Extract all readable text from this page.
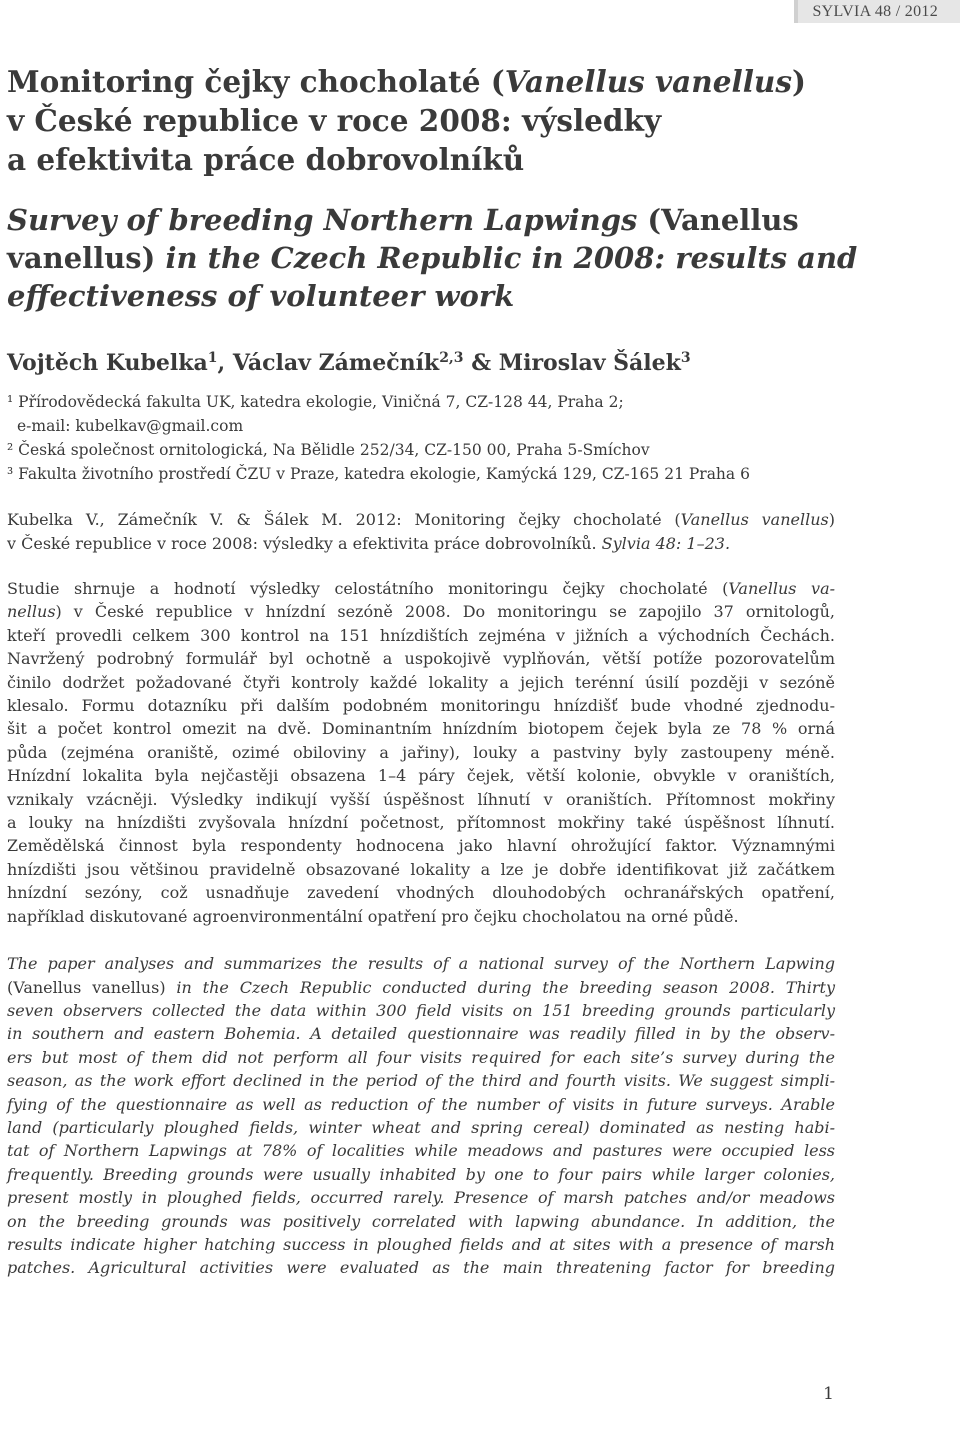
SYLVIA 48 / 2012
Monitoring čejky chocholaté (Vanellus vanellus)
v České republice v roce 2008: výsledky
a efektivita práce dobrovolníků
Survey of breeding Northern Lapwings (Vanellus
vanellus) in the Czech Republic in 2008: results and
effectiveness of volunteer work
Vojtěch Kubelka$^1$, Václav Zámečník$^{2,3}$ & Miroslav Šálek$^3$
¹ Přírodovědecká fakulta UK, katedra ekologie, Viničná 7, CZ-128 44, Praha 2;
e-mail: kubelkav@gmail.com
² Česká společnost ornitologická, Na Bělidle 252/34, CZ-150 00, Praha 5-Smíchov
³ Fakulta životního prostředí ČZU v Praze, katedra ekologie, Kamýcká 129, CZ-165 21 Praha 6
Kubelka V., Zámečník V. & Šálek M. 2012: Monitoring čejky chocholaté (Vanellus vanellus)
v České republice v roce 2008: výsledky a efektivita práce dobrovolníků. Sylvia 48: 1–23.
Studie shrnuje a hodnotí výsledky celostátního monitoringu čejky chocholaté (Vanellus va-
nellus) v České republice v hnízdní sezóně 2008. Do monitoringu se zapojilo 37 ornitologů,
kteří provedli celkem 300 kontrol na 151 hnízdištích zejména v jižních a východních Čechách.
Navržený podrobný formulář byl ochotně a uspokojivě vyplňován, větší potíže pozorovatelům
činilo dodržet požadované čtyři kontroly každé lokality a jejich terénní úsilí později v sezóně
klesalo. Formu dotazníku při dalším podobném monitoringu hnízdišť bude vhodné zjednodu-
šit a počet kontrol omezit na dvě. Dominantním hnízdním biotopem čejek byla ze 78 % orná
půda (zejména oraniště, ozimé obiloviny a jařiny), louky a pastviny byly zastoupeny méně.
Hnízdní lokalita byla nejčastěji obsazena 1–4 páry čejek, větší kolonie, obvykle v oraništích,
vznikaly vzácněji. Výsledky indikují vyšší úspěšnost líhnutí v oraništích. Přítomnost mokřiny
a louky na hnízdišti zvyšovala hnízdní početnost, přítomnost mokřiny také úspěšnost líhnutí.
Zemědělská činnost byla respondenty hodnocena jako hlavní ohrožující faktor. Významnými
hnízdišti jsou většinou pravidelně obsazované lokality a lze je dobře identifikovat již začátkem
hnízdní sezóny, což usnadňuje zavedení vhodných dlouhodobých ochranářských opatření,
například diskutované agroenvironmentální opatření pro čejku chocholatou na orné půdě.
The paper analyses and summarizes the results of a national survey of the Northern Lapwing
(Vanellus vanellus) in the Czech Republic conducted during the breeding season 2008. Thirty
seven observers collected the data within 300 field visits on 151 breeding grounds particularly
in southern and eastern Bohemia. A detailed questionnaire was readily filled in by the observ-
ers but most of them did not perform all four visits required for each site’s survey during the
season, as the work effort declined in the period of the third and fourth visits. We suggest simpli-
fying of the questionnaire as well as reduction of the number of visits in future surveys. Arable
land (particularly ploughed fields, winter wheat and spring cereal) dominated as nesting habi-
tat of Northern Lapwings at 78% of localities while meadows and pastures were occupied less
frequently. Breeding grounds were usually inhabited by one to four pairs while larger colonies,
present mostly in ploughed fields, occurred rarely. Presence of marsh patches and/or meadows
on the breeding grounds was positively correlated with lapwing abundance. In addition, the
results indicate higher hatching success in ploughed fields and at sites with a presence of marsh
patches. Agricultural activities were evaluated as the main threatening factor for breeding
1
